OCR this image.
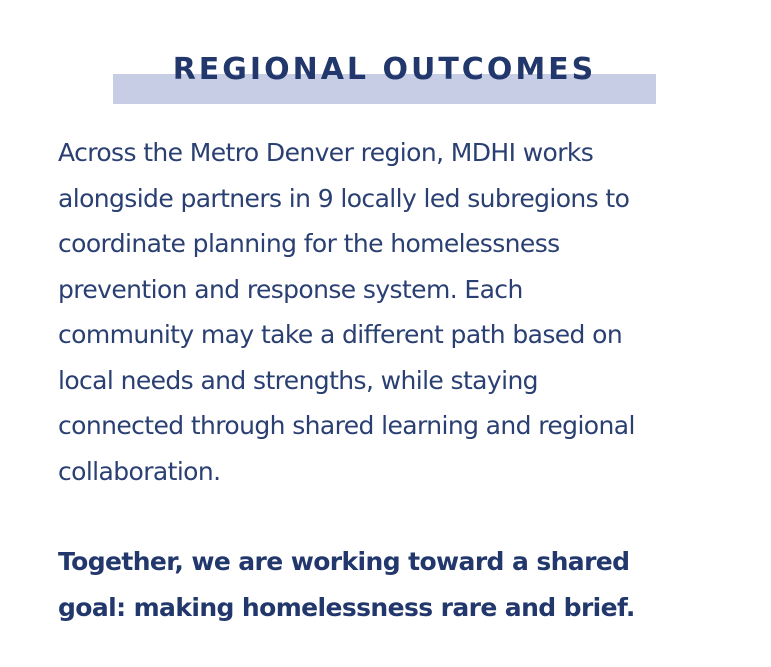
REGIONAL OUTCOMES

Across the Metro Denver region, MDHI works
alongside partners in 9 locally led subregions to
coordinate planning for the homelessness
prevention and response system. Each
community may take a different path based on
local needs and strengths, while staying
connected through shared learning and regional
collaboration.

Together, we are working toward a shared
goal: making homelessness rare and brief.
